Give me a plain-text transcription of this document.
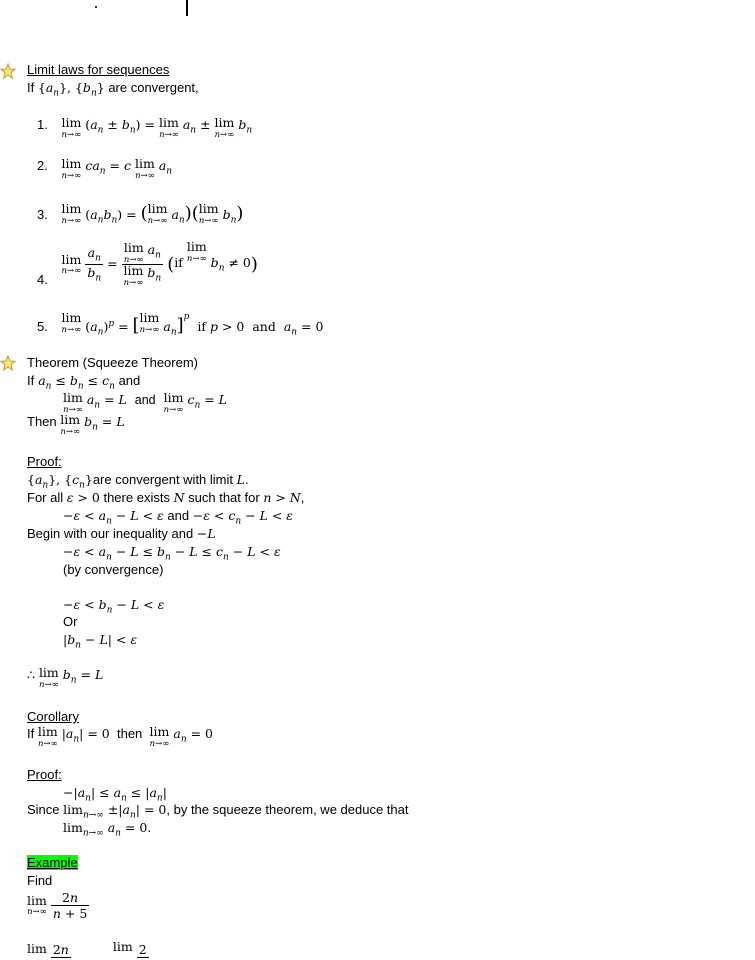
Limit laws for sequences
If $\{a_n\}$, $\{b_n\}$ are convergent,
1. lim
n→∞
$(a_n \pm b_n) = \lim$
n→∞
$a_n \pm \lim$
n→∞
$b_n$
2. lim
n→∞
$ca_n = c$ lim
n→∞
$a_n$
3. lim
n→∞ $(a_nb_n)$ = ( lim
n→∞ $a_n$)( lim
n→∞ $b_n$)
4.
lim
n→∞
$\frac{a_n}{b_n} = \lim$
n→∞
$a_n$
lim
n→∞
$b_n$ (if
lim
n→∞ $b_n \ne 0$)
5.
lim
n→∞ $(a_n)^p$ = [ lim
n→∞ $a_n]^p$  if p > 0  and $a_n = 0$
Theorem (Squeeze Theorem)
If $a_n \le b_n \le c_n$ and
lim
n→∞
$a_n = L$ and lim
n→∞
$c_n = L$
Then lim
n→∞
$b_n = L$
Proof:
$\{a_n\}$, $\{c_n\}are$ convergent with limit L.
For all ε > 0 there exists N such that for n > N,
$-\varepsilon < a_n - L < \varepsilon$ and $-\varepsilon < c_n - L < \varepsilon$
Begin with our inequality and −L
$-\varepsilon < a_n - L \le b_n - L \le c_n - L < \varepsilon$
(by convergence)
$-\varepsilon < b_n - L < \varepsilon$
Or
$|b_n - L| < \varepsilon$
∴ lim
n→∞
$b_n = L$
Corollary
If lim
n→∞
$|a_n| = 0$ then lim
n→∞
$a_n = 0$
Proof:
$-|a_n| \le a_n \le |a_n|$
Since $\lim_{n\to\infty} \pm|a_n| = 0$, by the squeeze theorem, we deduce that
$\lim_{n\to\infty} a_n = 0$.
Example
Find
lim
n→∞
$\frac{2n}{n + 5}$
lim
2n
	lim
2
